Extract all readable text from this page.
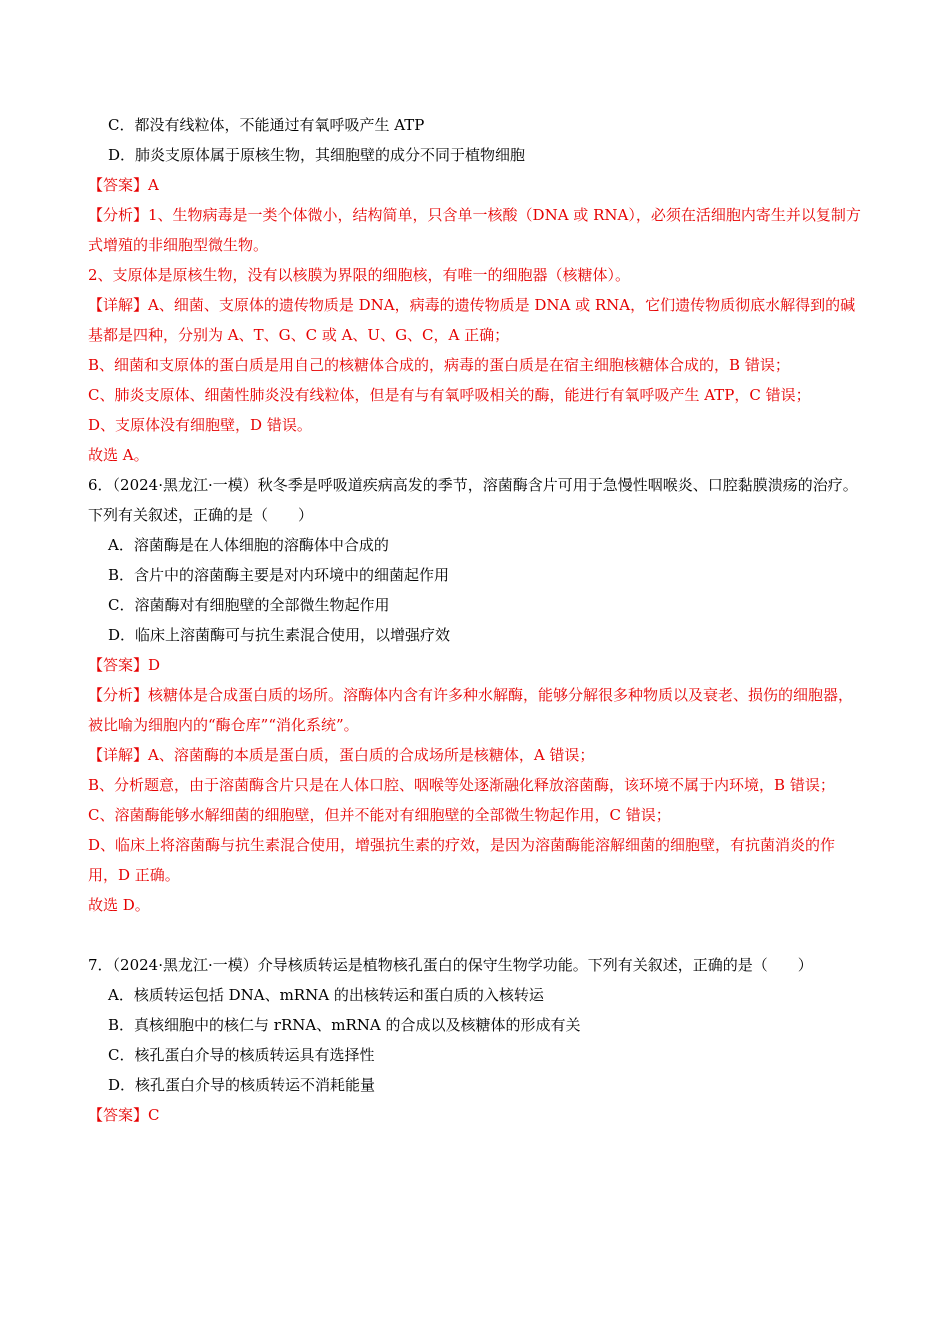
C．都没有线粒体，不能通过有氧呼吸产生 ATP
D．肺炎支原体属于原核生物，其细胞壁的成分不同于植物细胞
【答案】A
【分析】1、生物病毒是一类个体微小，结构简单，只含单一核酸（DNA 或 RNA），必须在活细胞内寄生并以复制方式增殖的非细胞型微生物。
2、支原体是原核生物，没有以核膜为界限的细胞核，有唯一的细胞器（核糖体）。
【详解】A、细菌、支原体的遗传物质是 DNA，病毒的遗传物质是 DNA 或 RNA，它们遗传物质彻底水解得到的碱基都是四种，分别为 A、T、G、C 或 A、U、G、C，A 正确；
B、细菌和支原体的蛋白质是用自己的核糖体合成的，病毒的蛋白质是在宿主细胞核糖体合成的，B 错误；
C、肺炎支原体、细菌性肺炎没有线粒体，但是有与有氧呼吸相关的酶，能进行有氧呼吸产生 ATP，C 错误；
D、支原体没有细胞壁，D 错误。
故选 A。
6．（2024·黑龙江·一模）秋冬季是呼吸道疾病高发的季节，溶菌酶含片可用于急慢性咽喉炎、口腔黏膜溃疡的治疗。下列有关叙述，正确的是（　　）
A．溶菌酶是在人体细胞的溶酶体中合成的
B．含片中的溶菌酶主要是对内环境中的细菌起作用
C．溶菌酶对有细胞壁的全部微生物起作用
D．临床上溶菌酶可与抗生素混合使用，以增强疗效
【答案】D
【分析】核糖体是合成蛋白质的场所。溶酶体内含有许多种水解酶，能够分解很多种物质以及衰老、损伤的细胞器，被比喻为细胞内的“酶仓库”“消化系统”。
【详解】A、溶菌酶的本质是蛋白质，蛋白质的合成场所是核糖体，A 错误；
B、分析题意，由于溶菌酶含片只是在人体口腔、咽喉等处逐渐融化释放溶菌酶，该环境不属于内环境，B 错误；
C、溶菌酶能够水解细菌的细胞壁，但并不能对有细胞壁的全部微生物起作用，C 错误；
D、临床上将溶菌酶与抗生素混合使用，增强抗生素的疗效，是因为溶菌酶能溶解细菌的细胞壁，有抗菌消炎的作用，D 正确。
故选 D。
7．（2024·黑龙江·一模）介导核质转运是植物核孔蛋白的保守生物学功能。下列有关叙述，正确的是（　　）
A．核质转运包括 DNA、mRNA 的出核转运和蛋白质的入核转运
B．真核细胞中的核仁与 rRNA、mRNA 的合成以及核糖体的形成有关
C．核孔蛋白介导的核质转运具有选择性
D．核孔蛋白介导的核质转运不消耗能量
【答案】C
